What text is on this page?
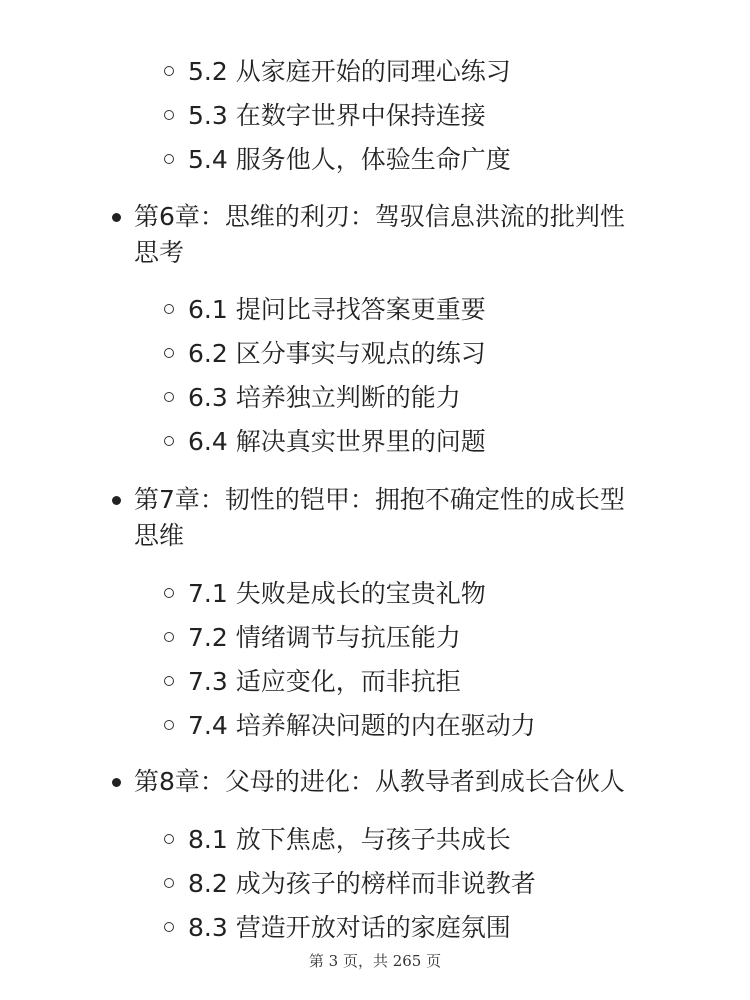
5.2 从家庭开始的同理心练习
5.3 在数字世界中保持连接
5.4 服务他人，体验生命广度
第6章：思维的利刃：驾驭信息洪流的批判性
思考
6.1 提问比寻找答案更重要
6.2 区分事实与观点的练习
6.3 培养独立判断的能力
6.4 解决真实世界里的问题
第7章：韧性的铠甲：拥抱不确定性的成长型
思维
7.1 失败是成长的宝贵礼物
7.2 情绪调节与抗压能力
7.3 适应变化，而非抗拒
7.4 培养解决问题的内在驱动力
第8章：父母的进化：从教导者到成长合伙人
8.1 放下焦虑，与孩子共成长
8.2 成为孩子的榜样而非说教者
8.3 营造开放对话的家庭氛围
第 3 页，共 265 页
